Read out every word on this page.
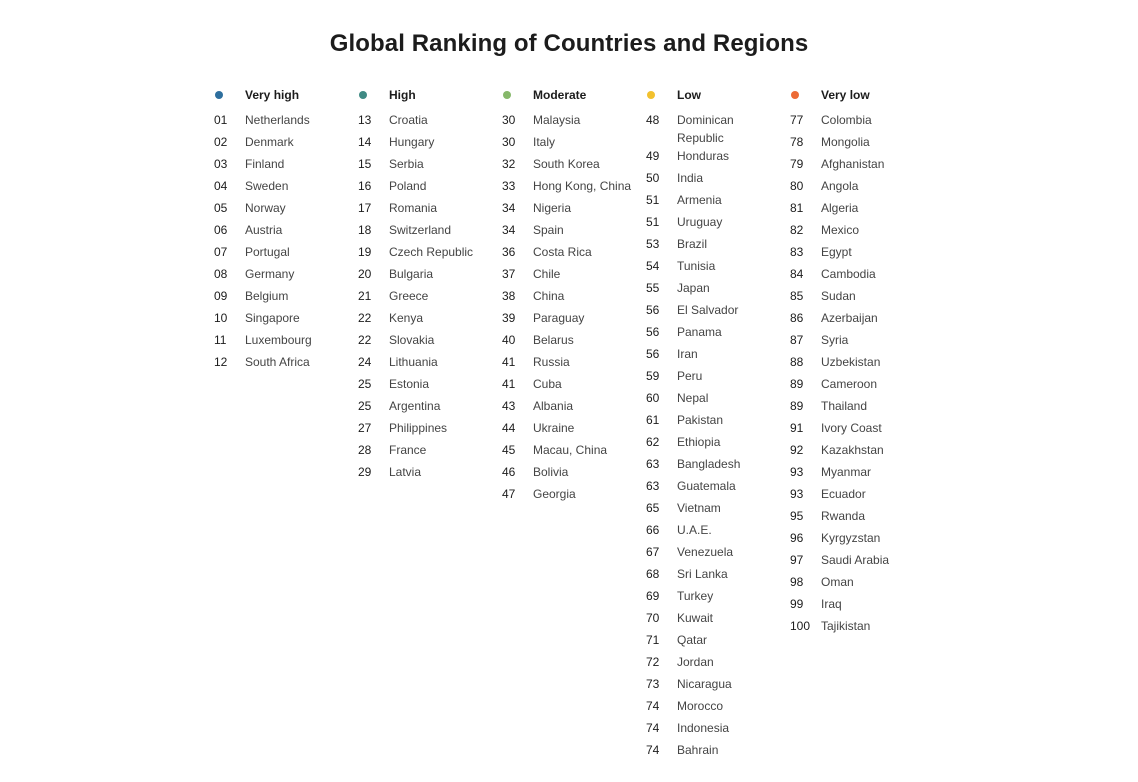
Global Ranking of Countries and Regions
Very high
01	Netherlands
02	Denmark
03	Finland
04	Sweden
05	Norway
06	Austria
07	Portugal
08	Germany
09	Belgium
10	Singapore
11	Luxembourg
12	South Africa
High
13	Croatia
14	Hungary
15	Serbia
16	Poland
17	Romania
18	Switzerland
19	Czech Republic
20	Bulgaria
21	Greece
22	Kenya
22	Slovakia
24	Lithuania
25	Estonia
25	Argentina
27	Philippines
28	France
29	Latvia
Moderate
30	Malaysia
30	Italy
32	South Korea
33	Hong Kong, China
34	Nigeria
34	Spain
36	Costa Rica
37	Chile
38	China
39	Paraguay
40	Belarus
41	Russia
41	Cuba
43	Albania
44	Ukraine
45	Macau, China
46	Bolivia
47	Georgia
Low
48	Dominican Republic
49	Honduras
50	India
51	Armenia
51	Uruguay
53	Brazil
54	Tunisia
55	Japan
56	El Salvador
56	Panama
56	Iran
59	Peru
60	Nepal
61	Pakistan
62	Ethiopia
63	Bangladesh
63	Guatemala
65	Vietnam
66	U.A.E.
67	Venezuela
68	Sri Lanka
69	Turkey
70	Kuwait
71	Qatar
72	Jordan
73	Nicaragua
74	Morocco
74	Indonesia
74	Bahrain
Very low
77	Colombia
78	Mongolia
79	Afghanistan
80	Angola
81	Algeria
82	Mexico
83	Egypt
84	Cambodia
85	Sudan
86	Azerbaijan
87	Syria
88	Uzbekistan
89	Cameroon
89	Thailand
91	Ivory Coast
92	Kazakhstan
93	Myanmar
93	Ecuador
95	Rwanda
96	Kyrgyzstan
97	Saudi Arabia
98	Oman
99	Iraq
100 Tajikistan
